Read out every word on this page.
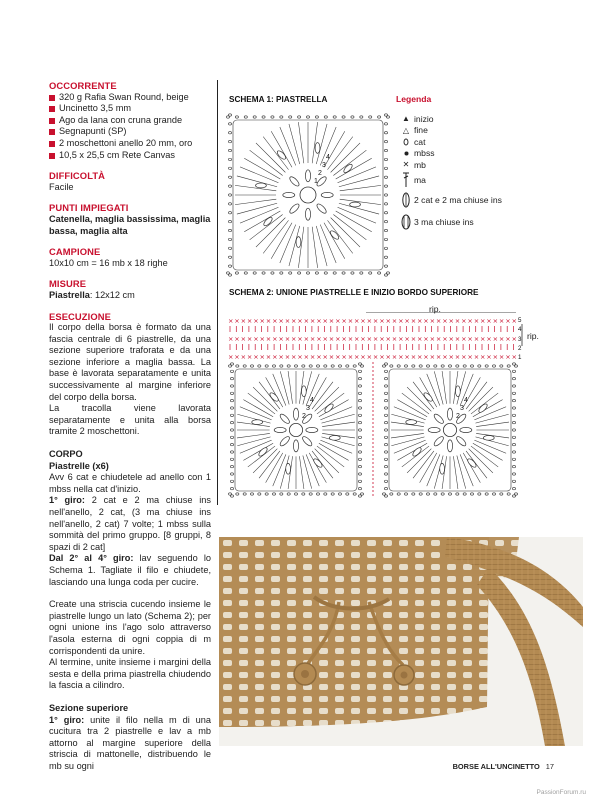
OCCORRENTE
320 g Rafia Swan Round, beige
Uncinetto 3,5 mm
Ago da lana con cruna grande
Segnapunti (SP)
2 moschettoni anello 20 mm, oro
10,5 x 25,5 cm Rete Canvas
DIFFICOLTÀ
Facile
PUNTI IMPIEGATI
Catenella, maglia bassissima, maglia bassa, maglia alta
CAMPIONE
10x10 cm = 16 mb x 18 righe
MISURE
Piastrella: 12x12 cm
ESECUZIONE
Il corpo della borsa è formato da una fascia centrale di 6 piastrelle, da una sezione superiore traforata e da una sezione inferiore a maglia bassa. La base è lavorata separatamente e unita successivamente al margine inferiore del corpo della borsa.
La tracolla viene lavorata separatamente e unita alla borsa tramite 2 moschettoni.
CORPO
Piastrelle (x6)
Avv 6 cat e chiudetele ad anello con 1 mbss nella cat d'inizio.
1° giro: 2 cat e 2 ma chiuse ins nell'anello, 2 cat, (3 ma chiuse ins nell'anello, 2 cat) 7 volte; 1 mbss sulla sommità del primo gruppo. [8 gruppi, 8 spazi di 2 cat]
Dal 2° al 4° giro: lav seguendo lo Schema 1. Tagliate il filo e chiudete, lasciando una lunga coda per cucire.
Create una striscia cucendo insieme le piastrelle lungo un lato (Schema 2); per ogni unione ins l'ago solo attraverso l'asola esterna di ogni coppia di m corrispondenti da unire.
Al termine, unite insieme i margini della sesta e della prima piastrella chiudendo la fascia a cilindro.
Sezione superiore
1° giro: unite il filo nella m di una cucitura tra 2 piastrelle e lav a mb attorno al margine superiore della striscia di mattonelle, distribuendo le mb su ogni
SCHEMA 1: PIASTRELLA
1
2
3
4
Legenda
▲ inizio
△ fine
cat
mbss
✕ mb
ma
2 cat e 2 ma chiuse ins
3 ma chiuse ins
SCHEMA 2: UNIONE PIASTRELLE E INIZIO BORDO SUPERIORE
rip.
rip.
5
4
3
2
1
× × × × × × × × × × × × × × × × × × × × × × × × × × × × × × × × × × × × × × × × × × × × × ×
× × × × × × × × × × × × × × × × × × × × × × × × × × × × × × × × × × × × × × × × × × × × × ×
× × × × × × × × × × × × × × × × × × × × × × × × × × × × × × × × × × × × × × × × × × × × × ×
2
3
4
2
3
4
BORSE ALL'UNCINETTO 17
PassionForum.ru
